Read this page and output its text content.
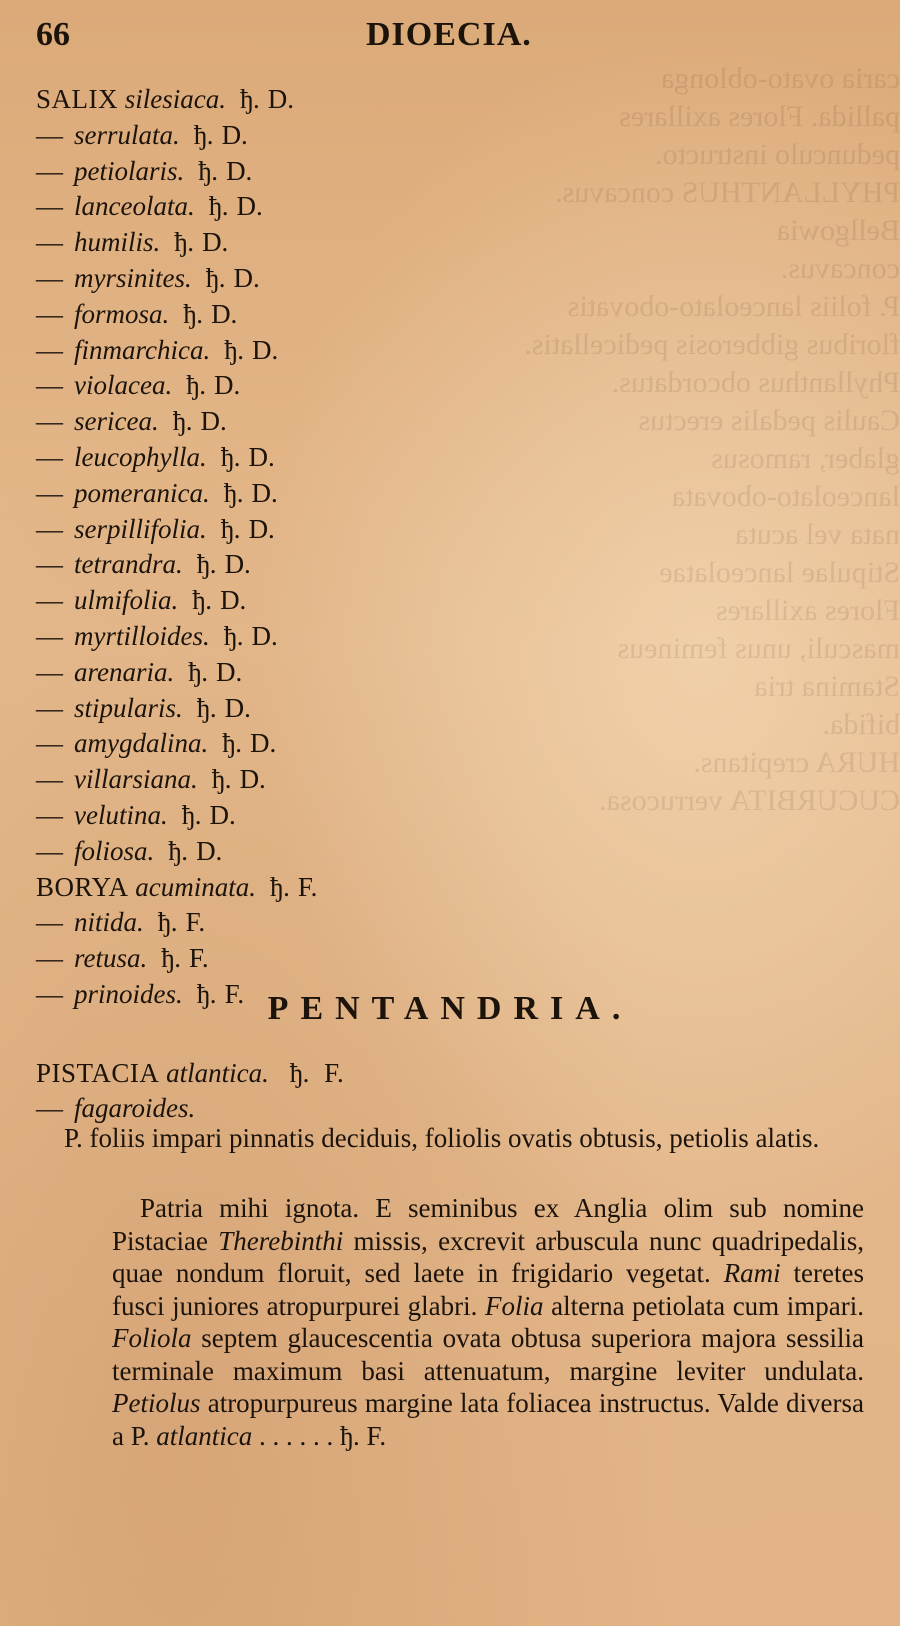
caria ovato-oblonga
pallida. Flores axillares
pedunculo instructo.
PHYLLANTHUS concavus.
Bellgowia
concavus.
P. foliis lanceolato-obovatis
floribus gibberosis pedicellatis.
Phyllanthus obcordatus.
Caulis pedalis erectus
glaber, ramosus
lanceolato-obovata
nata vel acuta
Stipulae lanceolatae
Flores axillares
masculi, unus femineus
Stamina tria
bifida.
HURA crepitans.
CUCURBITA verrucosa.
66	DIOECIA.
SALIX silesiaca. ђ. D.
— serrulata. ђ. D.
— petiolaris. ђ. D.
— lanceolata. ђ. D.
— humilis. ђ. D.
— myrsinites. ђ. D.
— formosa. ђ. D.
— finmarchica. ђ. D.
— violacea. ђ. D.
— sericea. ђ. D.
— leucophylla. ђ. D.
— pomeranica. ђ. D.
— serpillifolia. ђ. D.
— tetrandra. ђ. D.
— ulmifolia. ђ. D.
— myrtilloides. ђ. D.
— arenaria. ђ. D.
— stipularis. ђ. D.
— amygdalina. ђ. D.
— villarsiana. ђ. D.
— velutina. ђ. D.
— foliosa. ђ. D.
BORYA acuminata. ђ. F.
— nitida. ђ. F.
— retusa. ђ. F.
— prinoides. ђ. F. PENTANDRIA.
PISTACIA atlantica. ђ. F.
— fagaroides.
P. foliis impari pinnatis deciduis, foliolis ovatis obtusis, petiolis alatis.

Patria mihi ignota. E seminibus ex Anglia olim sub nomine Pistaciae Therebinthi missis, excrevit arbuscula nunc quadripedalis, quae nondum floruit, sed laete in frigidario vegetat. Rami teretes fusci juniores atropurpurei glabri. Folia alterna petiolata cum impari. Foliola septem glaucescentia ovata obtusa superiora majora sessilia terminale maximum basi attenuatum, margine leviter undulata. Petiolus atropurpureus margine lata foliacea instructus. Valde diversa a P. atlantica . . . . . . ђ. F.
